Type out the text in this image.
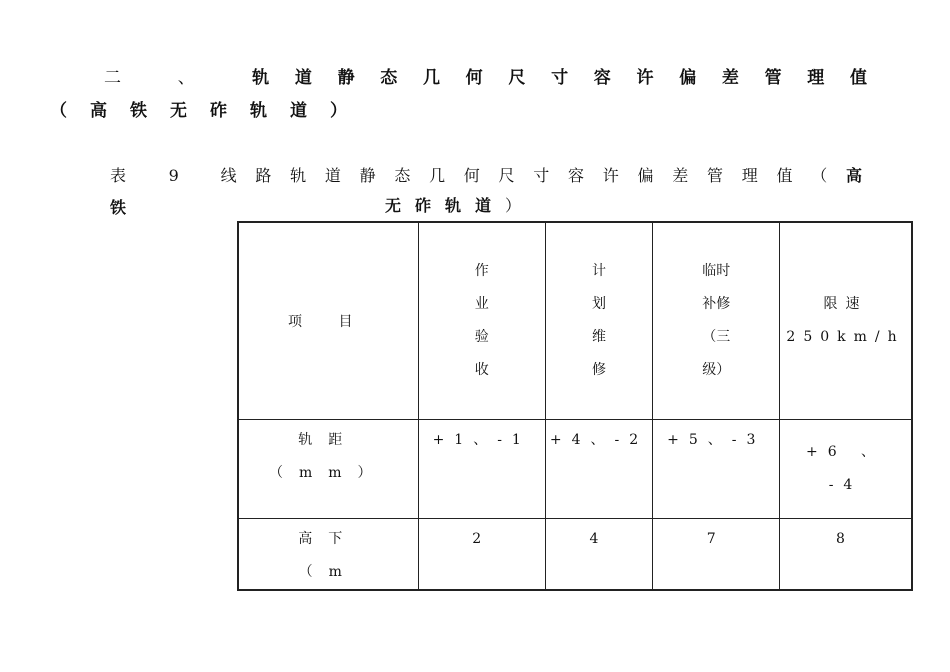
二 、 轨道静态几何尺寸容许偏差管理值（高铁无砟轨道）
表 9 线路轨道静态几何尺寸容许偏差管理值（高铁	无砟轨道）
项 目	作业验收	计划维修	临时补修（三级）	限速250km/h

轨距（mm）	+1、-1	+4、-2	+5、-3	+6 、 -4

高下（m	2	4	7	8
